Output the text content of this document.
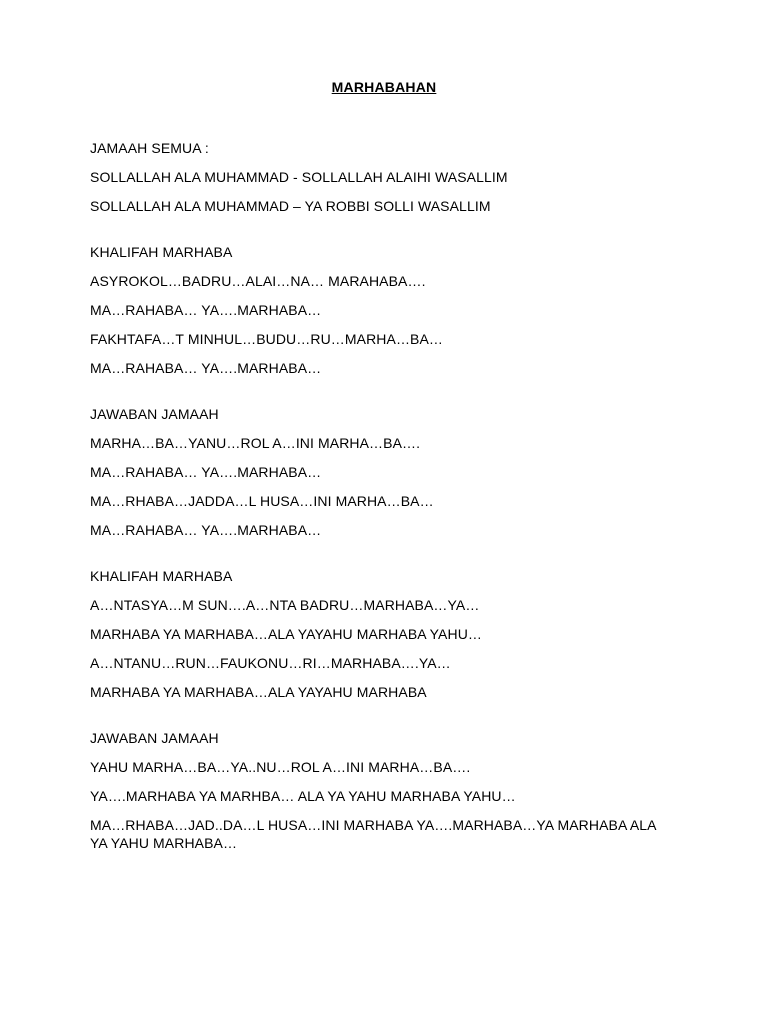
MARHABAHAN
JAMAAH SEMUA :
SOLLALLAH ALA MUHAMMAD - SOLLALLAH ALAIHI WASALLIM
SOLLALLAH ALA MUHAMMAD – YA ROBBI SOLLI WASALLIM
KHALIFAH MARHABA
ASYROKOL…BADRU…ALAI…NA… MARAHABA….
MA…RAHABA… YA….MARHABA…
FAKHTAFA…T MINHUL…BUDU…RU…MARHA…BA…
MA…RAHABA… YA….MARHABA…
JAWABAN JAMAAH
MARHA…BA…YANU…ROL A…INI MARHA…BA….
MA…RAHABA… YA….MARHABA…
MA…RHABA…JADDA…L HUSA…INI MARHA…BA…
MA…RAHABA… YA….MARHABA…
KHALIFAH MARHABA
A…NTASYA…M SUN….A…NTA BADRU…MARHABA…YA…
MARHABA YA MARHABA…ALA YAYAHU MARHABA YAHU…
A…NTANU…RUN…FAUKONU…RI…MARHABA….YA…
MARHABA YA MARHABA…ALA YAYAHU MARHABA
JAWABAN JAMAAH
YAHU MARHA…BA…YA..NU…ROL A…INI MARHA…BA….
YA….MARHABA YA MARHBA… ALA YA YAHU MARHABA YAHU…
MA…RHABA…JAD..DA…L HUSA…INI MARHABA YA….MARHABA…YA MARHABA ALA YA YAHU MARHABA…
